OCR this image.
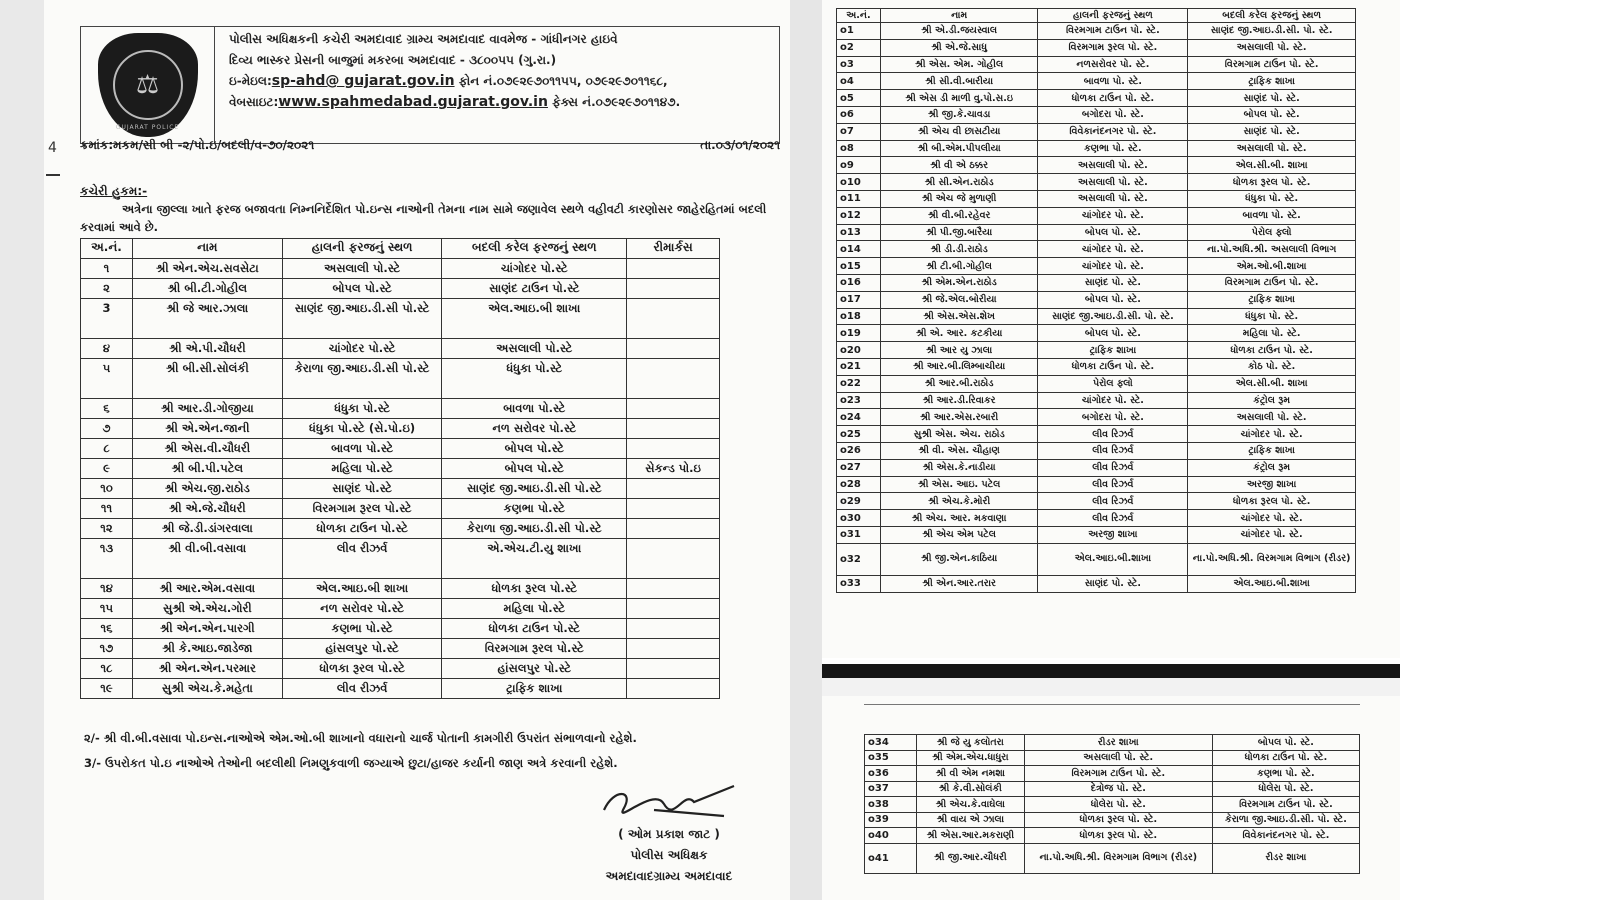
⚖
GUJARAT POLICE
પોલીસ અધિક્ષકની કચેરી અમદાવાદ ગ્રામ્ય અમદાવાદ વાવમેજ - ગાંધીનગર હાઇવે
દિવ્ય ભાસ્કર પ્રેસની બાજુમાં મકરબા અમદાવાદ - ૩૮૦૦૫૫ (ગુ.રા.)
ઇ-મેઇલ:sp-ahd@ gujarat.gov.in ફોન નં.૦૭૯૨૯૭૦૧૧૫૫, ૦૭૯૨૯૭૦૧૧૬૮,
વેબસાઇટ:www.spahmedabad.gujarat.gov.in ફેક્સ નં.૦૭૯૨૯૭૦૧૧૪૭.
4 ક્રમાંક:મકમ/સી બી -૨/પો.ઇ/બદલી/વ-૭૦/૨૦૨૧	તા.૦૩/૦૧/૨૦૨૧
કચેરી હુકમ:-
અત્રેના જીલ્લા ખાતે ફરજ બજાવતા નિમ્નનિર્દેશિત પો.ઇન્સ નાઓની તેમના નામ સામે જણાવેલ સ્થળે વહીવટી કારણોસર જાહેરહિતમાં બદલી કરવામાં આવે છે.
અ.નં.	નામ	હાલની ફરજનું સ્થળ	બદલી કરેલ ફરજનું સ્થળ	રીમાર્કસ
૧	શ્રી એન.એચ.સવસેટા	અસલાલી પો.સ્ટે	ચાંગોદર પો.સ્ટે	
૨	શ્રી બી.ટી.ગોહીલ	બોપલ પો.સ્ટે	સાણંદ ટાઉન પો.સ્ટે	
3	શ્રી જે આર.ઝાલા	સાણંદ જી.આઇ.ડી.સી પો.સ્ટે	એલ.આઇ.બી શાખા	
૪	શ્રી એ.પી.ચૌધરી	ચાંગોદર પો.સ્ટે	અસલાલી પો.સ્ટે	
૫	શ્રી બી.સી.સોલંકી	કેરાળા જી.આઇ.ડી.સી પો.સ્ટે	ધંધુકા પો.સ્ટે	
૬	શ્રી આર.ડી.ગોજીયા	ધંધુકા પો.સ્ટે	બાવળા પો.સ્ટે	
૭	શ્રી એ.એન.જાની	ધંધુકા પો.સ્ટે (સે.પો.ઇ)	નળ સરોવર પો.સ્ટે	
૮	શ્રી એસ.વી.ચૌધરી	બાવળા પો.સ્ટે	બોપલ પો.સ્ટે	
૯	શ્રી બી.પી.પટેલ	મહિલા પો.સ્ટે	બોપલ પો.સ્ટે	સેકન્ડ પો.ઇ
૧૦	શ્રી એચ.જી.રાઠોડ	સાણંદ પો.સ્ટે	સાણંદ જી.આઇ.ડી.સી પો.સ્ટે	
૧૧	શ્રી એ.જે.ચૌધરી	વિરમગામ રૂરલ પો.સ્ટે	કણભા પો.સ્ટે	
૧૨	શ્રી જે.ડી.ડાંગરવાલા	ધોળકા ટાઉન પો.સ્ટે	કેરાળા જી.આઇ.ડી.સી પો.સ્ટે	
૧૩	શ્રી વી.બી.વસાવા	લીવ રીઝર્વ	એ.એચ.ટી.યુ શાખા	
૧૪	શ્રી આર.એમ.વસાવા	એલ.આઇ.બી શાખા	ધોળકા રૂરલ પો.સ્ટે	
૧૫	સુશ્રી એ.એચ.ગોરી	નળ સરોવર પો.સ્ટે	મહિલા પો.સ્ટે	
૧૬	શ્રી એન.એન.પારગી	કણભા પો.સ્ટે	ધોળકા ટાઉન પો.સ્ટે	
૧૭	શ્રી કે.આઇ.જાડેજા	હાંસલપુર પો.સ્ટે	વિરમગામ રૂરલ પો.સ્ટે	
૧૮	શ્રી એન.એન.પરમાર	ધોળકા રૂરલ પો.સ્ટે	હાંસલપુર પો.સ્ટે	
૧૯	સુશ્રી એચ.કે.મહેતા	લીવ રીઝર્વ	ટ્રાફિક શાખા	
૨/- શ્રી વી.બી.વસાવા પો.ઇન્સ.નાઓએ એમ.ઓ.બી શાખાનો વધારાનો ચાર્જ પોતાની કામગીરી ઉપરાંત સંભાળવાનો રહેશે.
3/- ઉપરોકત પો.ઇ નાઓએ તેઓની બદલીથી નિમણુકવાળી જગ્યાએ છુટા/હાજર કર્યાની જાણ અત્રે કરવાની રહેશે.
( ઓમ પ્રકાશ જાટ )
પોલીસ અધિક્ષક
અમદાવાદગ્રામ્ય અમદાવાદ
અ.નં.	નામ	હાલની ફરજનું સ્થળ	બદલી કરેલ ફરજનું સ્થળ
o1	શ્રી એ.ડી.જયસ્વાલ	વિરમગામ ટાઉન પો. સ્ટે.	સાણંદ જી.આઇ.ડી.સી. પો. સ્ટે.
o2	શ્રી એ.જે.સાધુ	વિરમગામ રૂરલ પો. સ્ટે.	અસલાલી પો. સ્ટે.
o3	શ્રી એસ. એમ. ગોહીલ	નળસરોવર પો. સ્ટે.	વિરમગામ ટાઉન પો. સ્ટે.
o4	શ્રી સી.વી.બારીયા	બાવળા પો. સ્ટે.	ટ્રાફિક શાખા
o5	શ્રી એસ ડી માળી વુ.પો.સ.ઇ	ધોળકા ટાઉન પો. સ્ટે.	સાણંદ પો. સ્ટે.
o6	શ્રી જી.કે.ચાવડા	બગોદરા પો. સ્ટે.	બોપલ પો. સ્ટે.
o7	શ્રી એચ વી છાસટીયા	વિવેકાનંદનગર પો. સ્ટે.	સાણંદ પો. સ્ટે.
o8	શ્રી બી.એમ.પીપલીયા	કણભા પો. સ્ટે.	અસલાલી પો. સ્ટે.
o9	શ્રી વી એ ઠક્કર	અસલાલી પો. સ્ટે.	એલ.સી.બી. શાખા
o10	શ્રી સી.એન.રાઠોડ	અસલાલી પો. સ્ટે.	ધોળકા રૂરલ પો. સ્ટે.
o11	શ્રી એચ જે મુળાણી	અસલાલી પો. સ્ટે.	ધંધુકા પો. સ્ટે.
o12	શ્રી વી.બી.રહેવર	ચાંગોદર પો. સ્ટે.	બાવળા પો. સ્ટે.
o13	શ્રી પી.જી.બારૈયા	બોપલ પો. સ્ટે.	પેરોલ ફ્લો
o14	શ્રી ડી.ડી.રાઠોડ	ચાંગોદર પો. સ્ટે.	ના.પો.અધિ.શ્રી. અસલાલી વિભાગ
o15	શ્રી ટી.બી.ગોહીલ	ચાંગોદર પો. સ્ટે.	એમ.ઓ.બી.શાખા
o16	શ્રી એમ.એન.રાઠોડ	સાણંદ પો. સ્ટે.	વિરમગામ ટાઉન પો. સ્ટે.
o17	શ્રી જે.એલ.બોરીયા	બોપલ પો. સ્ટે.	ટ્રાફિક શાખા
o18	શ્રી એસ.એસ.શેખ	સાણંદ જી.આઇ.ડી.સી. પો. સ્ટે.	ધંધુકા પો. સ્ટે.
o19	શ્રી એ. આર. કટકીયા	બોપલ પો. સ્ટે.	મહિલા પો. સ્ટે.
o20	શ્રી આર યુ ઝાલા	ટ્રાફિક શાખા	ધોળકા ટાઉન પો. સ્ટે.
o21	શ્રી આર.બી.લિમ્બાચીયા	ધોળકા ટાઉન પો. સ્ટે.	કોઠ પો. સ્ટે.
o22	શ્રી આર.બી.રાઠોડ	પેરોલ ફ્લો	એલ.સી.બી. શાખા
o23	શ્રી આર.ડી.રિવાકર	ચાંગોદર પો. સ્ટે.	કંટ્રોલ રૂમ
o24	શ્રી આર.એસ.રબારી	બગોદરા પો. સ્ટે.	અસલાલી પો. સ્ટે.
o25	સુશ્રી એસ. એચ. રાઠોડ	લીવ રિઝર્વ	ચાંગોદર પો. સ્ટે.
o26	શ્રી વી. એસ. ચૌહાણ	લીવ રિઝર્વ	ટ્રાફિક શાખા
o27	શ્રી એસ.કે.નાડીયા	લીવ રિઝર્વ	કંટ્રોલ રૂમ
o28	શ્રી એસ. આઇ. પટેલ	લીવ રિઝર્વ	અરજી શાખા
o29	શ્રી એચ.કે.મોરી	લીવ રિઝર્વ	ધોળકા રૂરલ પો. સ્ટે.
o30	શ્રી એચ. આર. મકવાણા	લીવ રિઝર્વ	ચાંગોદર પો. સ્ટે.
o31	શ્રી એચ એમ પટેલ	અરજી શાખા	ચાંગોદર પો. સ્ટે.
o32	શ્રી જી.એન.કાઠિયા	એલ.આઇ.બી.શાખા	ના.પો.અધિ.શ્રી. વિરમગામ વિભાગ (રીડર)
o33	શ્રી એન.આર.તરાર	સાણંદ પો. સ્ટે.	એલ.આઇ.બી.શાખા
o34	શ્રી જે યુ કલોતરા	રીડર શાખા	બોપલ પો. સ્ટે.
o35	શ્રી એમ.એચ.ધાધુરા	અસલાલી પો. સ્ટે.	ધોળકા ટાઉન પો. સ્ટે.
o36	શ્રી વી એમ નમશા	વિરમગામ ટાઉન પો. સ્ટે.	કણભા પો. સ્ટે.
o37	શ્રી કે.વી.સોલંકી	દેત્રોજ પો. સ્ટે.	ધોલેરા પો. સ્ટે.
o38	શ્રી એચ.કે.વાઘેલા	ધોલેરા પો. સ્ટે.	વિરમગામ ટાઉન પો. સ્ટે.
o39	શ્રી વાય એ ઝાલા	ધોળકા રૂરલ પો. સ્ટે.	કેરાળા જી.આઇ.ડી.સી. પો. સ્ટે.
o40	શ્રી એસ.આર.મકરાણી	ધોળકા રૂરલ પો. સ્ટે.	વિવેકાનંદનગર પો. સ્ટે.
o41	શ્રી જી.આર.ચૌધરી	ના.પો.અધિ.શ્રી. વિરમગામ વિભાગ (રીડર)	રીડર શાખા
